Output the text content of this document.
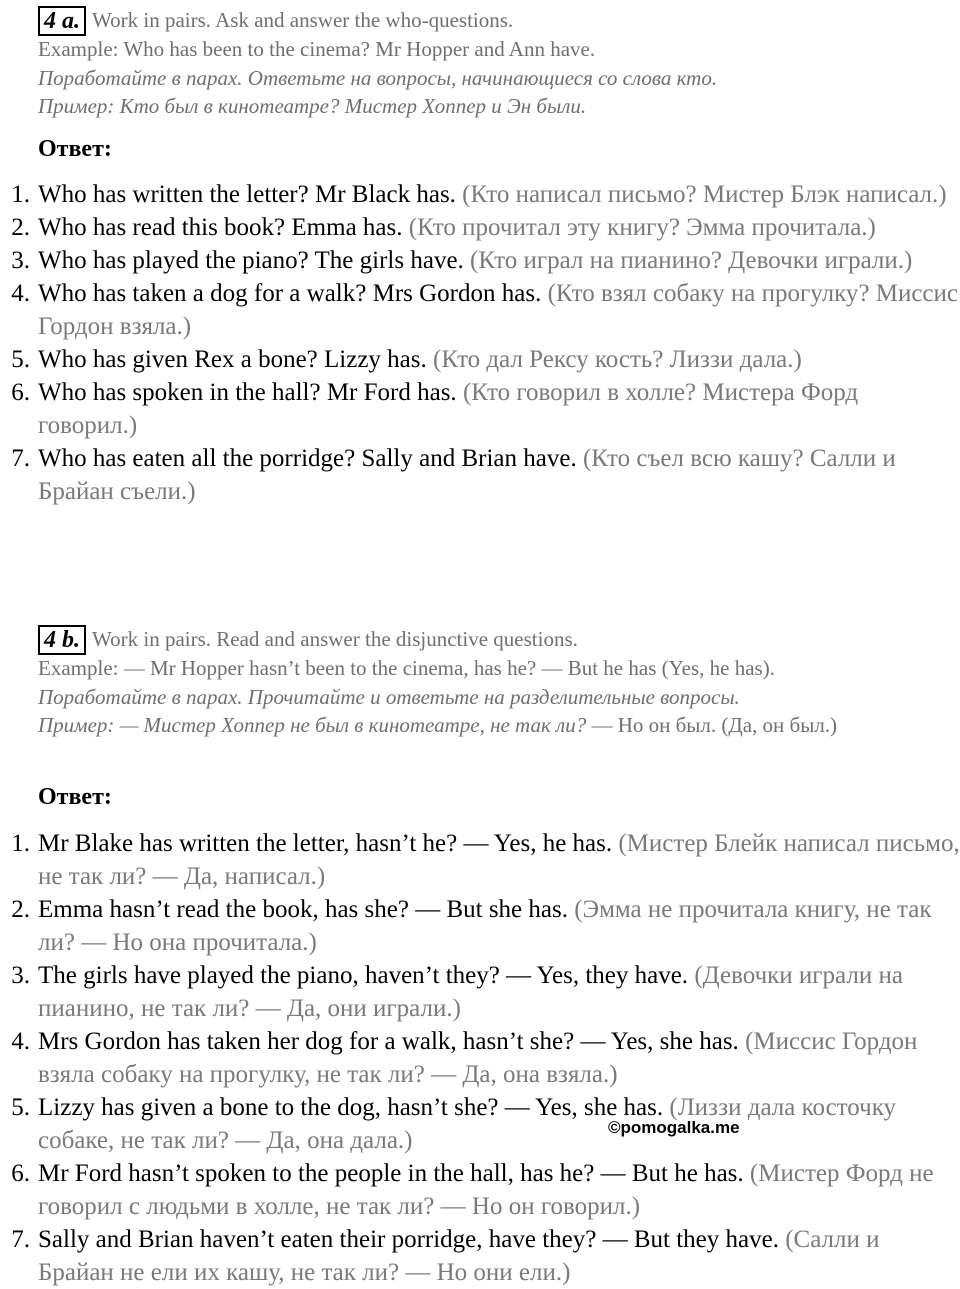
4 a. Work in pairs. Ask and answer the who-questions.
Example: Who has been to the cinema? Mr Hopper and Ann have.
Поработайте в парах. Ответьте на вопросы, начинающиеся со слова кто.
Пример: Кто был в кинотеатре? Мистер Хоппер и Эн были.
Ответ:
1. Who has written the letter? Mr Black has. (Кто написал письмо? Мистер Блэк написал.)
2. Who has read this book? Emma has. (Кто прочитал эту книгу? Эмма прочитала.)
3. Who has played the piano? The girls have. (Кто играл на пианино? Девочки играли.)
4. Who has taken a dog for a walk? Mrs Gordon has. (Кто взял собаку на прогулку? Миссис Гордон взяла.)
5. Who has given Rex a bone? Lizzy has. (Кто дал Рексу кость? Лиззи дала.)
6. Who has spoken in the hall? Mr Ford has. (Кто говорил в холле? Мистера Форд говорил.)
7. Who has eaten all the porridge? Sally and Brian have. (Кто съел всю кашу? Салли и Брайан съели.)
4 b. Work in pairs. Read and answer the disjunctive questions.
Example: — Mr Hopper hasn’t been to the cinema, has he? — But he has (Yes, he has).
Поработайте в парах. Прочитайте и ответьте на разделительные вопросы.
Пример: — Мистер Хоппер не был в кинотеатре, не так ли? — Но он был. (Да, он был.)
Ответ:
1. Mr Blake has written the letter, hasn’t he? — Yes, he has. (Мистер Блейк написал письмо, не так ли? — Да, написал.)
2. Emma hasn’t read the book, has she? — But she has. (Эмма не прочитала книгу, не так ли? — Но она прочитала.)
3. The girls have played the piano, haven’t they? — Yes, they have. (Девочки играли на пианино, не так ли? — Да, они играли.)
4. Mrs Gordon has taken her dog for a walk, hasn’t she? — Yes, she has. (Миссис Гордон взяла собаку на прогулку, не так ли? — Да, она взяла.)
5. Lizzy has given a bone to the dog, hasn’t she? — Yes, she has. (Лиззи дала косточку собаке, не так ли? — Да, она дала.)
6. Mr Ford hasn’t spoken to the people in the hall, has he? — But he has. (Мистер Форд не говорил с людьми в холле, не так ли? — Но он говорил.)
7. Sally and Brian haven’t eaten their porridge, have they? — But they have. (Салли и Брайан не ели их кашу, не так ли? — Но они ели.)
©pomogalka.me
